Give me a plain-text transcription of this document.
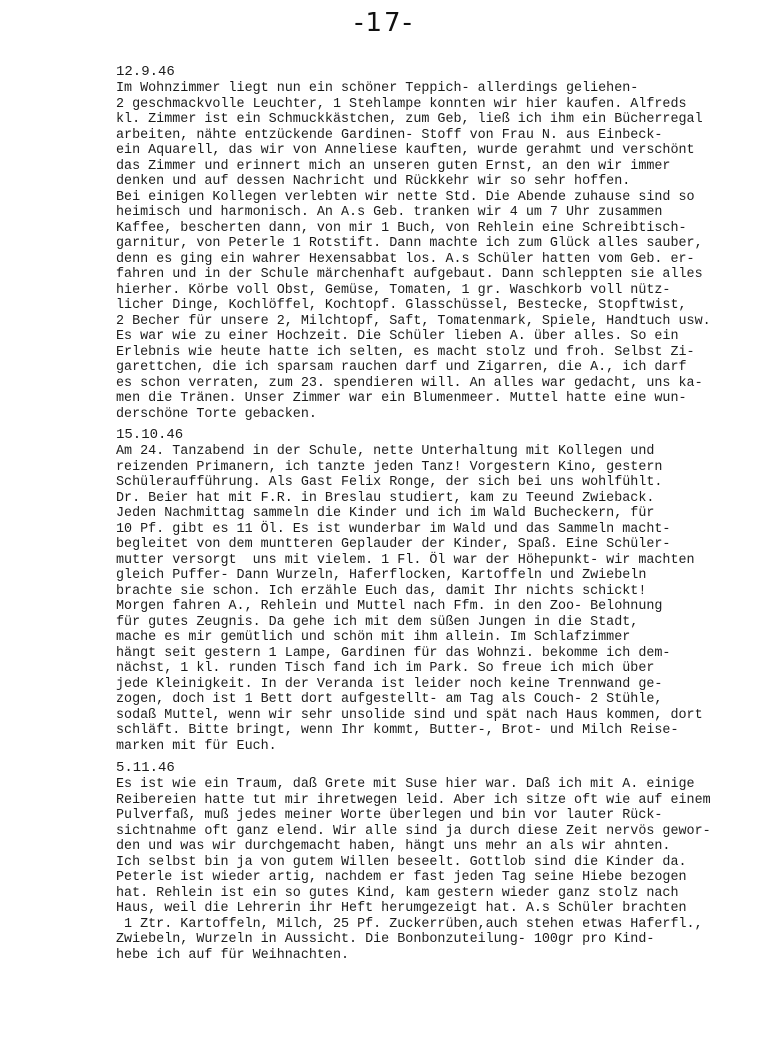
-17-
12.9.46
Im Wohnzimmer liegt nun ein schöner Teppich- allerdings geliehen-
2 geschmackvolle Leuchter, 1 Stehlampe konnten wir hier kaufen. Alfreds
kl. Zimmer ist ein Schmuckkästchen, zum Geb, ließ ich ihm ein Bücherregal
arbeiten, nähte entzückende Gardinen- Stoff von Frau N. aus Einbeck-
ein Aquarell, das wir von Anneliese kauften, wurde gerahmt und verschönt
das Zimmer und erinnert mich an unseren guten Ernst, an den wir immer
denken und auf dessen Nachricht und Rückkehr wir so sehr hoffen.
Bei einigen Kollegen verlebten wir nette Std. Die Abende zuhause sind so
heimisch und harmonisch. An A.s Geb. tranken wir 4 um 7 Uhr zusammen
Kaffee, bescherten dann, von mir 1 Buch, von Rehlein eine Schreibtisch-
garnitur, von Peterle 1 Rotstift. Dann machte ich zum Glück alles sauber,
denn es ging ein wahrer Hexensabbat los. A.s Schüler hatten vom Geb. er-
fahren und in der Schule märchenhaft aufgebaut. Dann schleppten sie alles
hierher. Körbe voll Obst, Gemüse, Tomaten, 1 gr. Waschkorb voll nütz-
licher Dinge, Kochlöffel, Kochtopf. Glasschüssel, Bestecke, Stopftwist,
2 Becher für unsere 2, Milchtopf, Saft, Tomatenmark, Spiele, Handtuch usw.
Es war wie zu einer Hochzeit. Die Schüler lieben A. über alles. So ein
Erlebnis wie heute hatte ich selten, es macht stolz und froh. Selbst Zi-
garettchen, die ich sparsam rauchen darf und Zigarren, die A., ich darf
es schon verraten, zum 23. spendieren will. An alles war gedacht, uns ka-
men die Tränen. Unser Zimmer war ein Blumenmeer. Muttel hatte eine wun-
derschöne Torte gebacken.
15.10.46
Am 24. Tanzabend in der Schule, nette Unterhaltung mit Kollegen und
reizenden Primanern, ich tanzte jeden Tanz! Vorgestern Kino, gestern
Schüleraufführung. Als Gast Felix Ronge, der sich bei uns wohlfühlt.
Dr. Beier hat mit F.R. in Breslau studiert, kam zu Teeund Zwieback.
Jeden Nachmittag sammeln die Kinder und ich im Wald Bucheckern, für
10 Pf. gibt es 11 Öl. Es ist wunderbar im Wald und das Sammeln macht-
begleitet von dem muntteren Geplauder der Kinder, Spaß. Eine Schüler-
mutter versorgt  uns mit vielem. 1 Fl. Öl war der Höhepunkt- wir machten
gleich Puffer- Dann Wurzeln, Haferflocken, Kartoffeln und Zwiebeln
brachte sie schon. Ich erzähle Euch das, damit Ihr nichts schickt!
Morgen fahren A., Rehlein und Muttel nach Ffm. in den Zoo- Belohnung
für gutes Zeugnis. Da gehe ich mit dem süßen Jungen in die Stadt,
mache es mir gemütlich und schön mit ihm allein. Im Schlafzimmer
hängt seit gestern 1 Lampe, Gardinen für das Wohnzi. bekomme ich dem-
nächst, 1 kl. runden Tisch fand ich im Park. So freue ich mich über
jede Kleinigkeit. In der Veranda ist leider noch keine Trennwand ge-
zogen, doch ist 1 Bett dort aufgestellt- am Tag als Couch- 2 Stühle,
sodaß Muttel, wenn wir sehr unsolide sind und spät nach Haus kommen, dort
schläft. Bitte bringt, wenn Ihr kommt, Butter-, Brot- und Milch Reise-
marken mit für Euch.
5.11.46
Es ist wie ein Traum, daß Grete mit Suse hier war. Daß ich mit A. einige
Reibereien hatte tut mir ihretwegen leid. Aber ich sitze oft wie auf einem
Pulverfaß, muß jedes meiner Worte überlegen und bin vor lauter Rück-
sichtnahme oft ganz elend. Wir alle sind ja durch diese Zeit nervös gewor-
den und was wir durchgemacht haben, hängt uns mehr an als wir ahnten.
Ich selbst bin ja von gutem Willen beseelt. Gottlob sind die Kinder da.
Peterle ist wieder artig, nachdem er fast jeden Tag seine Hiebe bezogen
hat. Rehlein ist ein so gutes Kind, kam gestern wieder ganz stolz nach
Haus, weil die Lehrerin ihr Heft herumgezeigt hat. A.s Schüler brachten
1 Ztr. Kartoffeln, Milch, 25 Pf. Zuckerrüben,auch stehen etwas Haferfl.,
Zwiebeln, Wurzeln in Aussicht. Die Bonbonzuteilung- 100gr pro Kind-
hebe ich auf für Weihnachten.
